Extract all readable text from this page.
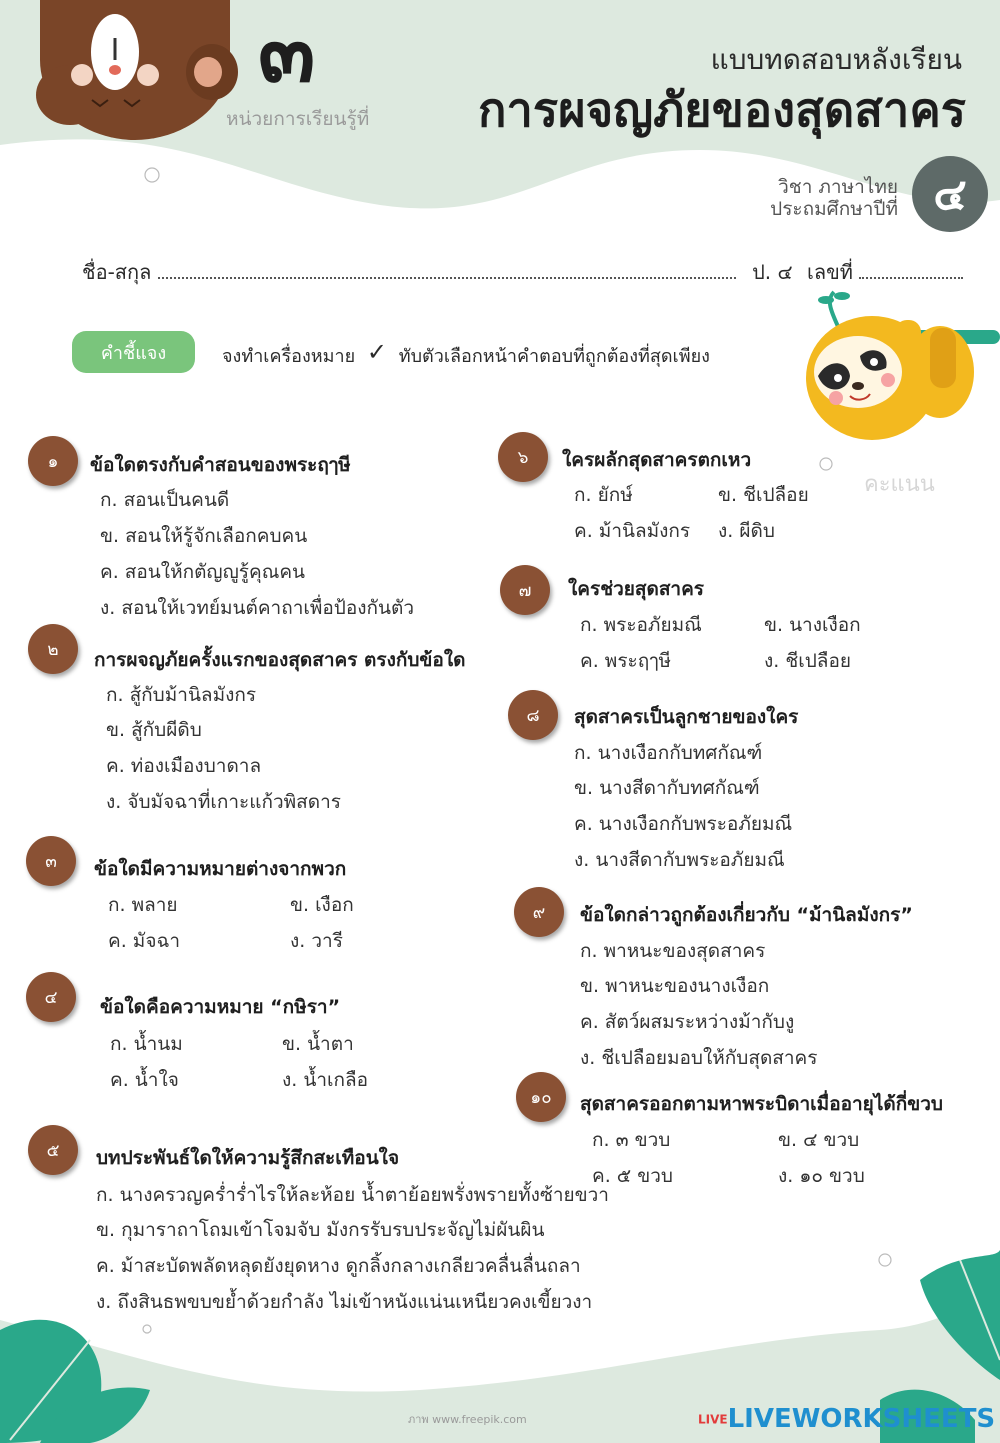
๓
หน่วยการเรียนรู้ที่
แบบทดสอบหลังเรียน
การผจญภัยของสุดสาคร
วิชา ภาษาไทย
ประถมศึกษาปีที่ ๔
ชื่อ-สกุล	ป. ๔ เลขที่
คำชี้แจง	จงทำเครื่องหมาย ✓ ทับตัวเลือกหน้าคำตอบที่ถูกต้องที่สุดเพียง
คะแนน
๑	ข้อใดตรงกับคำสอนของพระฤๅษี
ก. สอนเป็นคนดี
ข. สอนให้รู้จักเลือกคบคน
ค. สอนให้กตัญญูรู้คุณคน
ง. สอนให้เวทย์มนต์คาถาเพื่อป้องกันตัว
๒	การผจญภัยครั้งแรกของสุดสาคร ตรงกับข้อใด
ก. สู้กับม้านิลมังกร
ข. สู้กับผีดิบ
ค. ท่องเมืองบาดาล
ง. จับมัจฉาที่เกาะแก้วพิสดาร
๓	ข้อใดมีความหมายต่างจากพวก
ก. พลาย	ข. เงือก
ค. มัจฉา	ง. วารี
๔	ข้อใดคือความหมาย “กษิรา”
ก. น้ำนม	ข. น้ำตา
ค. น้ำใจ	ง. น้ำเกลือ
๕	บทประพันธ์ใดให้ความรู้สึกสะเทือนใจ
ก. นางครวญคร่ำร่ำไรให้ละห้อย น้ำตาย้อยพรั่งพรายทั้งซ้ายขวา
ข. กุมาราถาโถมเข้าโจมจับ มังกรรับรบประจัญไม่ผันผิน
ค. ม้าสะบัดพลัดหลุดยังยุดหาง ดูกลิ้งกลางเกลียวคลื่นลื่นถลา
ง. ถึงสินธพขบขย้ำด้วยกำลัง ไม่เข้าหนังแน่นเหนียวคงเขี้ยวงา
๖	ใครผลักสุดสาครตกเหว
ก. ยักษ์	ข. ชีเปลือย
ค. ม้านิลมังกร ง. ผีดิบ
๗	ใครช่วยสุดสาคร
ก. พระอภัยมณี	ข. นางเงือก
ค. พระฤๅษี	ง. ชีเปลือย
๘	สุดสาครเป็นลูกชายของใคร
ก. นางเงือกกับทศกัณฑ์
ข. นางสีดากับทศกัณฑ์
ค. นางเงือกกับพระอภัยมณี
ง. นางสีดากับพระอภัยมณี
๙	ข้อใดกล่าวถูกต้องเกี่ยวกับ “ม้านิลมังกร”
ก. พาหนะของสุดสาคร
ข. พาหนะของนางเงือก
ค. สัตว์ผสมระหว่างม้ากับงู
ง. ชีเปลือยมอบให้กับสุดสาคร
๑๐	สุดสาครออกตามหาพระบิดาเมื่ออายุได้กี่ขวบ
ก. ๓ ขวบ	ข. ๔ ขวบ
ค. ๕ ขวบ	ง. ๑๐ ขวบ
ภาพ www.freepik.com	LIVELIVEWORKSHEETS
